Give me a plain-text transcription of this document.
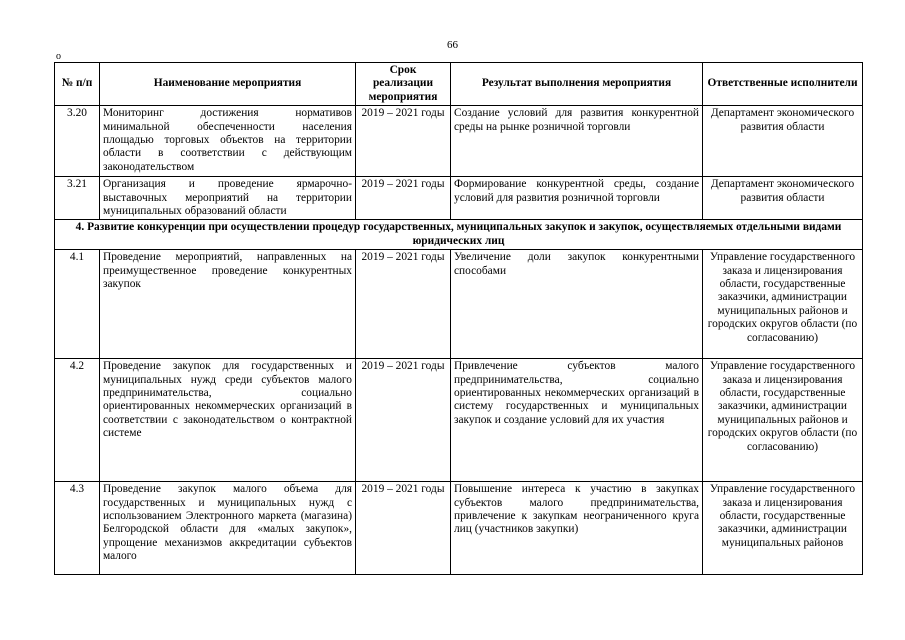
66
о
№ п/п	Наименование мероприятия	Срок реализации мероприятия	Результат выполнения мероприятия	Ответственные исполнители
3.20	Мониторинг достижения нормативов минимальной обеспеченности населения площадью торговых объектов на территории области в соответствии с действующим законодательством	2019 – 2021 годы	Создание условий для развития конкурентной среды на рынке розничной торговли	Департамент экономического развития области
3.21	Организация и проведение ярмарочно-выставочных мероприятий на территории муниципальных образований области	2019 – 2021 годы	Формирование конкурентной среды, создание условий для развития розничной торговли	Департамент экономического развития области
4. Развитие конкуренции при осуществлении процедур государственных, муниципальных закупок и закупок, осуществляемых отдельными видами юридических лиц				
4.1	Проведение мероприятий, направленных на преимущественное проведение конкурентных закупок	2019 – 2021 годы	Увеличение доли закупок конкурентными способами	Управление государственного заказа и лицензирования области, государственные заказчики, администрации муниципальных районов и городских округов области (по согласованию)
4.2	Проведение закупок для государственных и муниципальных нужд среди субъектов малого предпринимательства, социально ориентированных некоммерческих организаций в соответствии с законодательством о контрактной системе	2019 – 2021 годы	Привлечение субъектов малого предпринимательства, социально ориентированных некоммерческих организаций в систему государственных и муниципальных закупок и создание условий для их участия	Управление государственного заказа и лицензирования области, государственные заказчики, администрации муниципальных районов и городских округов области (по согласованию)
4.3	Проведение закупок малого объема для государственных и муниципальных нужд с использованием Электронного маркета (магазина) Белгородской области для «малых закупок», упрощение механизмов аккредитации субъектов малого	2019 – 2021 годы	Повышение интереса к участию в закупках субъектов малого предпринимательства, привлечение к закупкам неограниченного круга лиц (участников закупки)	Управление государственного заказа и лицензирования области, государственные заказчики, администрации муниципальных районов
